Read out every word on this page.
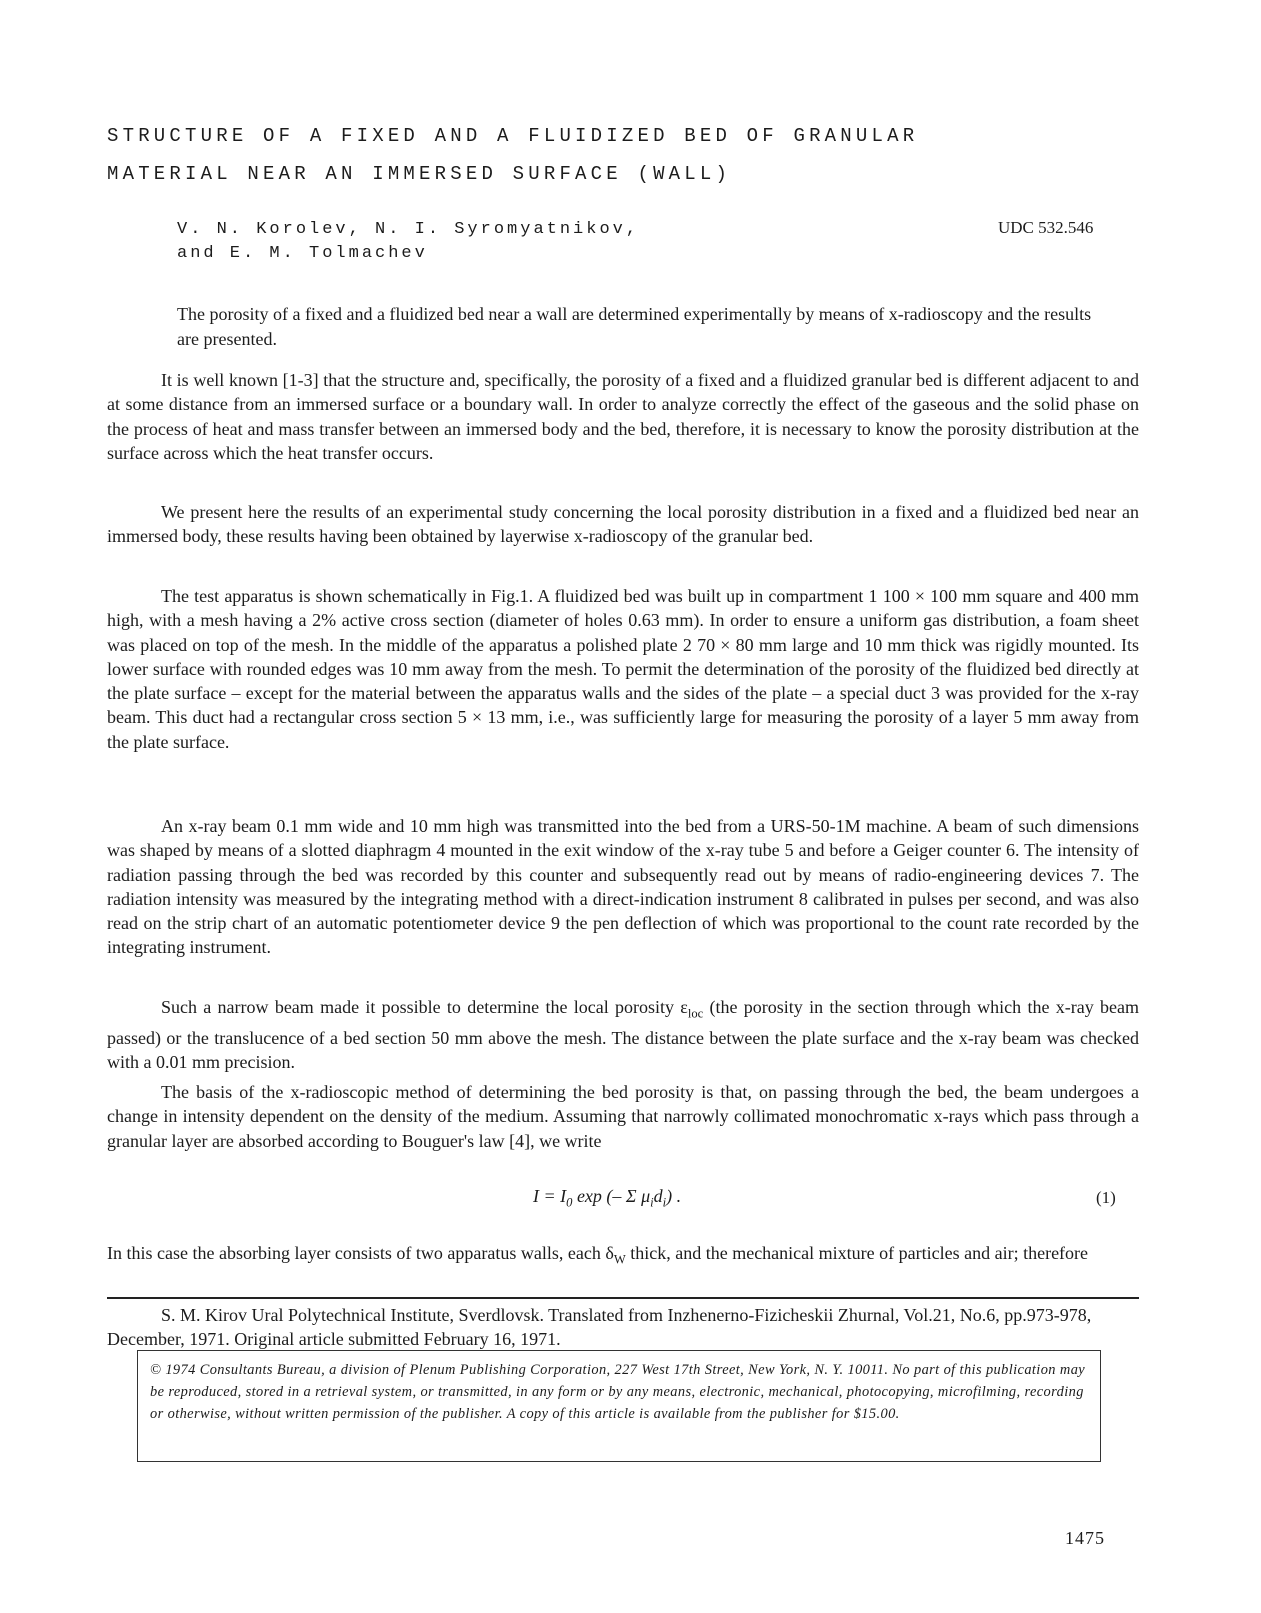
STRUCTURE OF A FIXED AND A FLUIDIZED BED OF GRANULAR
MATERIAL NEAR AN IMMERSED SURFACE (WALL)
V. N. Korolev, N. I. Syromyatnikov,
and E. M. Tolmachev
UDC 532.546
The porosity of a fixed and a fluidized bed near a wall are determined experimentally by means of x-radioscopy and the results are presented.

It is well known [1-3] that the structure and, specifically, the porosity of a fixed and a fluidized granular bed is different adjacent to and at some distance from an immersed surface or a boundary wall. In order to analyze correctly the effect of the gaseous and the solid phase on the process of heat and mass transfer between an immersed body and the bed, therefore, it is necessary to know the porosity distribution at the surface across which the heat transfer occurs.

We present here the results of an experimental study concerning the local porosity distribution in a fixed and a fluidized bed near an immersed body, these results having been obtained by layerwise x-radioscopy of the granular bed.

The test apparatus is shown schematically in Fig.1. A fluidized bed was built up in compartment 1 100 × 100 mm square and 400 mm high, with a mesh having a 2% active cross section (diameter of holes 0.63 mm). In order to ensure a uniform gas distribution, a foam sheet was placed on top of the mesh. In the middle of the apparatus a polished plate 2 70 × 80 mm large and 10 mm thick was rigidly mounted. Its lower surface with rounded edges was 10 mm away from the mesh. To permit the determination of the porosity of the fluidized bed directly at the plate surface – except for the material between the apparatus walls and the sides of the plate – a special duct 3 was provided for the x-ray beam. This duct had a rectangular cross section 5 × 13 mm, i.e., was sufficiently large for measuring the porosity of a layer 5 mm away from the plate surface.

An x-ray beam 0.1 mm wide and 10 mm high was transmitted into the bed from a URS-50-1M machine. A beam of such dimensions was shaped by means of a slotted diaphragm 4 mounted in the exit window of the x-ray tube 5 and before a Geiger counter 6. The intensity of radiation passing through the bed was recorded by this counter and subsequently read out by means of radio-engineering devices 7. The radiation intensity was measured by the integrating method with a direct-indication instrument 8 calibrated in pulses per second, and was also read on the strip chart of an automatic potentiometer device 9 the pen deflection of which was proportional to the count rate recorded by the integrating instrument.

Such a narrow beam made it possible to determine the local porosity $\varepsilon_{loc}$ (the porosity in the section through which the x-ray beam passed) or the translucence of a bed section 50 mm above the mesh. The distance between the plate surface and the x-ray beam was checked with a 0.01 mm precision.

The basis of the x-radioscopic method of determining the bed porosity is that, on passing through the bed, the beam undergoes a change in intensity dependent on the density of the medium. Assuming that narrowly collimated monochromatic x-rays which pass through a granular layer are absorbed according to Bouguer's law [4], we write

$I = I_0$ exp (– Σ $\mu_id_i$) .	(1)

In this case the absorbing layer consists of two apparatus walls, each $\delta_W$ thick, and the mechanical mixture of particles and air; therefore

S. M. Kirov Ural Polytechnical Institute, Sverdlovsk. Translated from Inzhenerno-Fizicheskii Zhurnal, Vol.21, No.6, pp.973-978, December, 1971. Original article submitted February 16, 1971.

© 1974 Consultants Bureau, a division of Plenum Publishing Corporation, 227 West 17th Street, New York, N. Y. 10011. No part of this publication may be reproduced, stored in a retrieval system, or transmitted, in any form or by any means, electronic, mechanical, photocopying, microfilming, recording or otherwise, without written permission of the publisher. A copy of this article is available from the publisher for $15.00.
1475
